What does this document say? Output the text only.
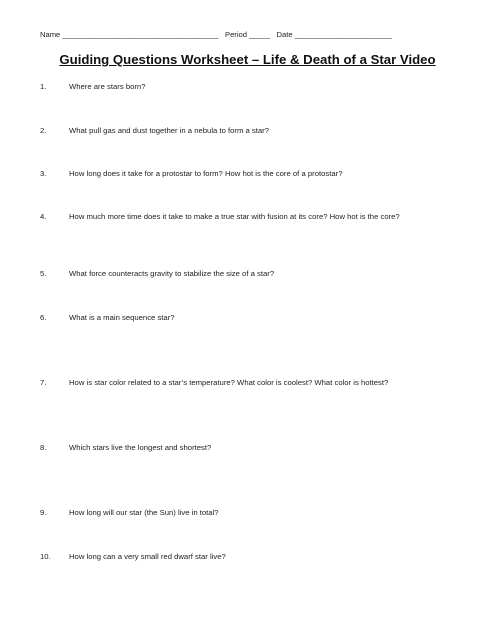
Name _____________________________________ Period _____ Date _______________________
Guiding Questions Worksheet – Life & Death of a Star Video
1.	Where are stars born?
2.	What pull gas and dust together in a nebula to form a star?
3.	How long does it take for a protostar to form? How hot is the core of a protostar?
4.	How much more time does it take to make a true star with fusion at its core? How hot is the core?
5.	What force counteracts gravity to stabilize the size of a star?
6.	What is a main sequence star?
7.	How is star color related to a star’s temperature? What color is coolest? What color is hottest?
8.	Which stars live the longest and shortest?
9.	How long will our star (the Sun) live in total?
10.	How long can a very small red dwarf star live?
